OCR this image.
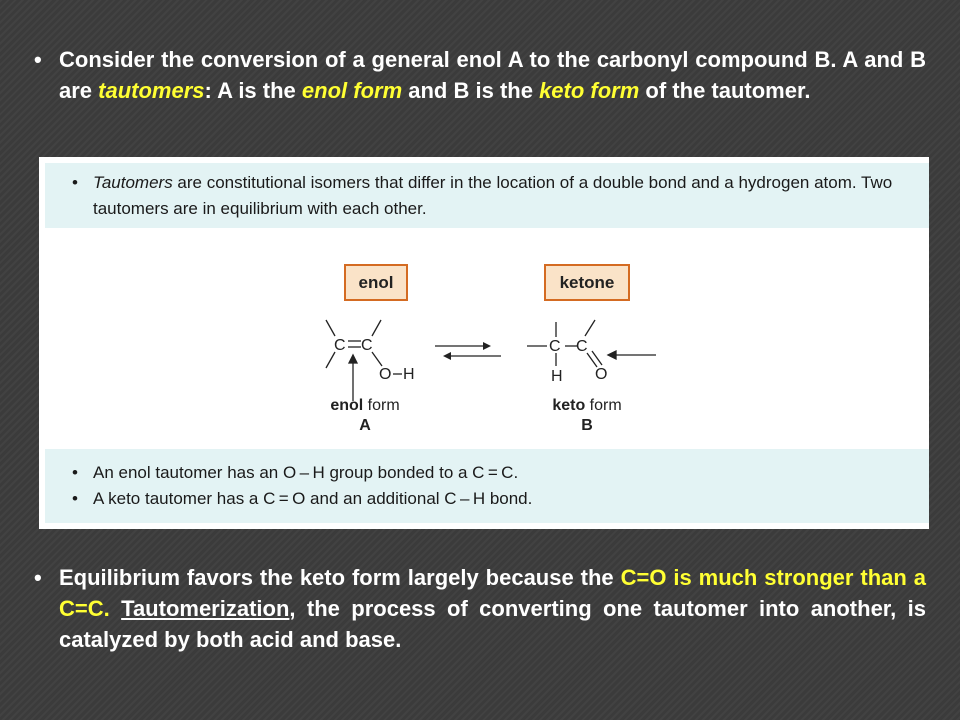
• Consider the conversion of a general enol A to the carbonyl compound B. A and B are tautomers: A is the enol form and B is the keto form of the tautomer.
• Tautomers are constitutional isomers that differ in the location of a double bond and a hydrogen atom. Two tautomers are in equilibrium with each other.
enol	ketone
C C
O H
C C
H O
enol form
A
keto form
B
• An enol tautomer has an O – H group bonded to a C = C.
• A keto tautomer has a C = O and an additional C – H bond.
• Equilibrium favors the keto form largely because the C=O is much stronger than a C=C. Tautomerization, the process of converting one tautomer into another, is catalyzed by both acid and base.
